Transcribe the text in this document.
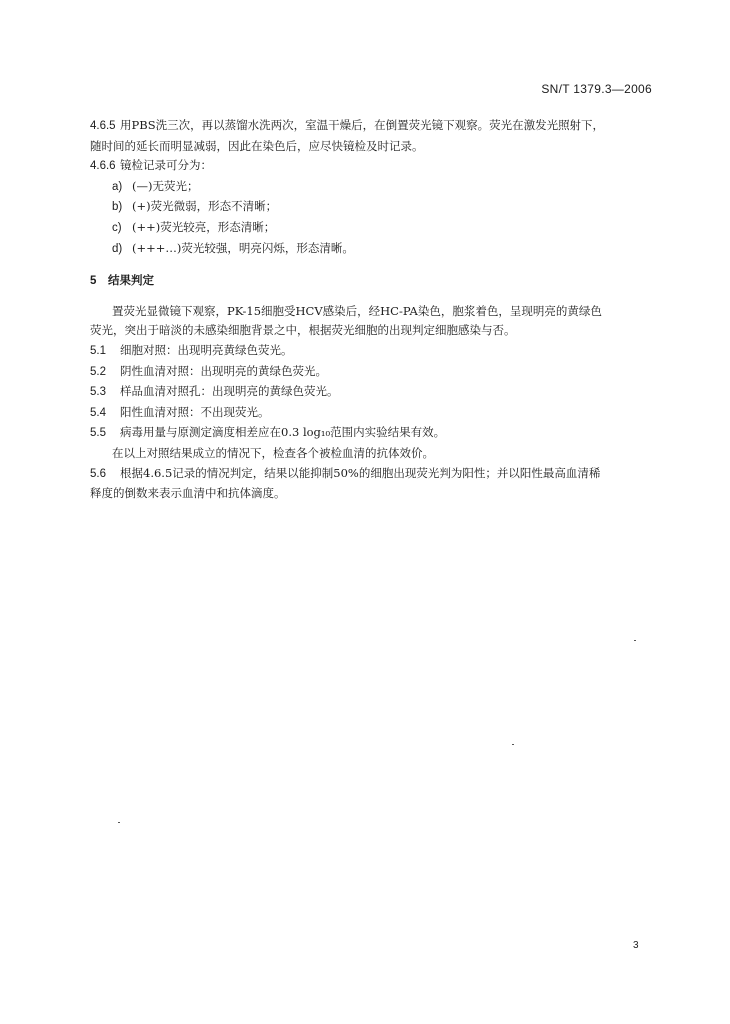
SN/T 1379.3—2006
4.6.5 用PBS洗三次，再以蒸馏水洗两次，室温干燥后，在倒置荧光镜下观察。荧光在激发光照射下，
随时间的延长而明显减弱，因此在染色后，应尽快镜检及时记录。
4.6.6 镜检记录可分为：
a) (—)无荧光；
b) (+)荧光微弱，形态不清晰；
c) (++)荧光较亮，形态清晰；
d) (+++…)荧光较强，明亮闪烁，形态清晰。
5 结果判定
置荧光显微镜下观察，PK-15细胞受HCV感染后，经HC-PA染色，胞浆着色，呈现明亮的黄绿色
荧光，突出于暗淡的未感染细胞背景之中，根据荧光细胞的出现判定细胞感染与否。
5.1 细胞对照：出现明亮黄绿色荧光。
5.2 阴性血清对照：出现明亮的黄绿色荧光。
5.3 样品血清对照孔：出现明亮的黄绿色荧光。
5.4 阳性血清对照：不出现荧光。
5.5 病毒用量与原测定滴度相差应在0.3 log₁₀范围内实验结果有效。
在以上对照结果成立的情况下，检查各个被检血清的抗体效价。
5.6 根据4.6.5记录的情况判定，结果以能抑制50%的细胞出现荧光判为阳性；并以阳性最高血清稀
释度的倒数来表示血清中和抗体滴度。
3
